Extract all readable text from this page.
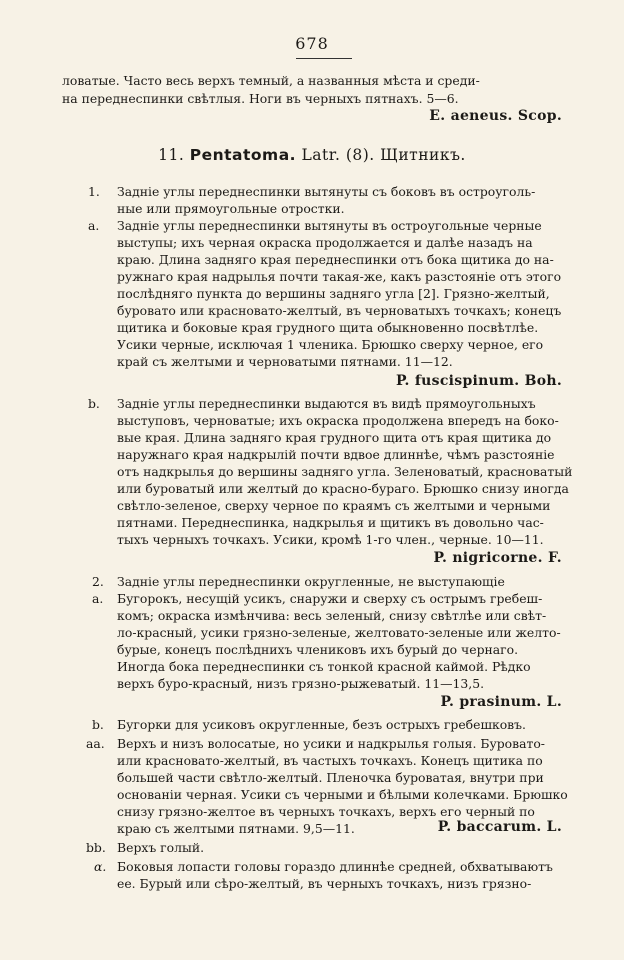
678
ловатые. Часто весь верхъ темный, а названныя мѣста и среди-
на переднеспинки свѣтлыя. Ноги въ черныхъ пятнахъ. 5—6.
E. aeneus. Scop.
11. Pentatoma. Latr. (8). Щитникъ.
1. Задніе углы переднеспинки вытянуты съ боковъ въ остроуголь-
ные или прямоугольные отростки.
a. Задніе углы переднеспинки вытянуты въ остроугольные черные
выступы; ихъ черная окраска продолжается и далѣе назадъ на
краю. Длина задняго края переднеспинки отъ бока щитика до на-
ружнаго края надрылья почти такая-же, какъ разстояніе отъ этого
послѣдняго пункта до вершины задняго угла [2]. Грязно-желтый,
буровато или красновато-желтый, въ черноватыхъ точкахъ; конецъ
щитика и боковые края грудного щита обыкновенно посвѣтлѣе.
Усики черные, исключая 1 членика. Брюшко сверху черное, его
край съ желтыми и черноватыми пятнами. 11—12.
P. fuscispinum. Boh.
b. Задніе углы переднеспинки выдаются въ видѣ прямоугольныхъ
выступовъ, черноватые; ихъ окраска продолжена впередъ на боко-
вые края. Длина задняго края грудного щита отъ края щитика до
наружнаго края надкрылій почти вдвое длиннѣе, чѣмъ разстояніе
отъ надкрылья до вершины задняго угла. Зеленоватый, красноватый
или буроватый или желтый до красно-бураго. Брюшко снизу иногда
свѣтло-зеленое, сверху черное по краямъ съ желтыми и черными
пятнами. Переднеспинка, надкрылья и щитикъ въ довольно час-
тыхъ черныхъ точкахъ. Усики, кромѣ 1-го член., черные. 10—11.
P. nigricorne. F.
2. Задніе углы переднеспинки округленные, не выступающіе
a. Бугорокъ, несущій усикъ, снаружи и сверху съ острымъ гребеш-
комъ; окраска измѣнчива: весь зеленый, снизу свѣтлѣе или свѣт-
ло-красный, усики грязно-зеленые, желтовато-зеленые или желто-
бурые, конецъ послѣднихъ члениковъ ихъ бурый до чернаго.
Иногда бока переднеспинки съ тонкой красной каймой. Рѣдко
верхъ буро-красный, низъ грязно-рыжеватый. 11—13,5.
P. prasinum. L.
b. Бугорки для усиковъ округленные, безъ острыхъ гребешковъ.
aa. Верхъ и низъ волосатые, но усики и надкрылья голыя. Буровато-
или красновато-желтый, въ частыхъ точкахъ. Конецъ щитика по
большей части свѣтло-желтый. Пленочка буроватая, внутри при
основаніи черная. Усики съ черными и бѣлыми колечками. Брюшко
снизу грязно-желтое въ черныхъ точкахъ, верхъ его черный по
краю съ желтыми пятнами. 9,5—11.	P. baccarum. L.
bb. Верхъ голый.
α. Боковыя лопасти головы гораздо длиннѣе средней, обхватываютъ
ее. Бурый или сѣро-желтый, въ черныхъ точкахъ, низъ грязно-
